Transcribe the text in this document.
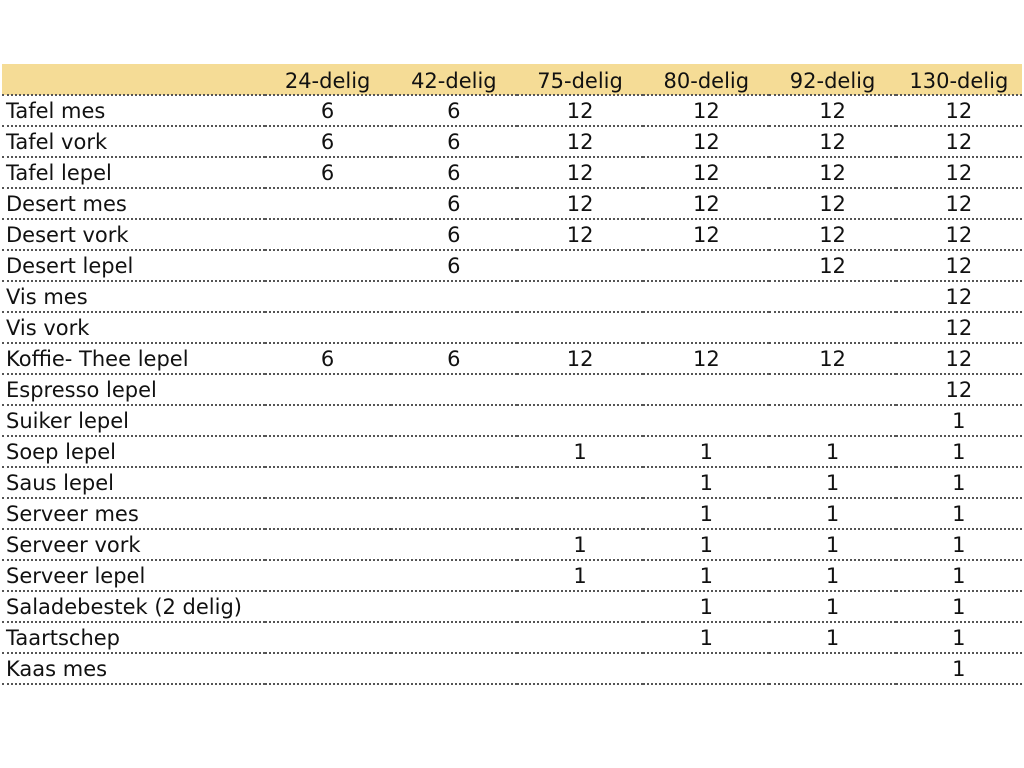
	24-delig	42-delig	75-delig	80-delig	92-delig	130-delig
Tafel mes	6	6	12	12	12	12
Tafel vork	6	6	12	12	12	12
Tafel lepel	6	6	12	12	12	12
Desert mes		6	12	12	12	12
Desert vork		6	12	12	12	12
Desert lepel		6			12	12
Vis mes						12
Vis vork						12
Koffie- Thee lepel	6	6	12	12	12	12
Espresso lepel						12
Suiker lepel						1
Soep lepel			1	1	1	1
Saus lepel				1	1	1
Serveer mes				1	1	1
Serveer vork			1	1	1	1
Serveer lepel			1	1	1	1
Saladebestek (2 delig)				1	1	1
Taartschep				1	1	1
Kaas mes						1
